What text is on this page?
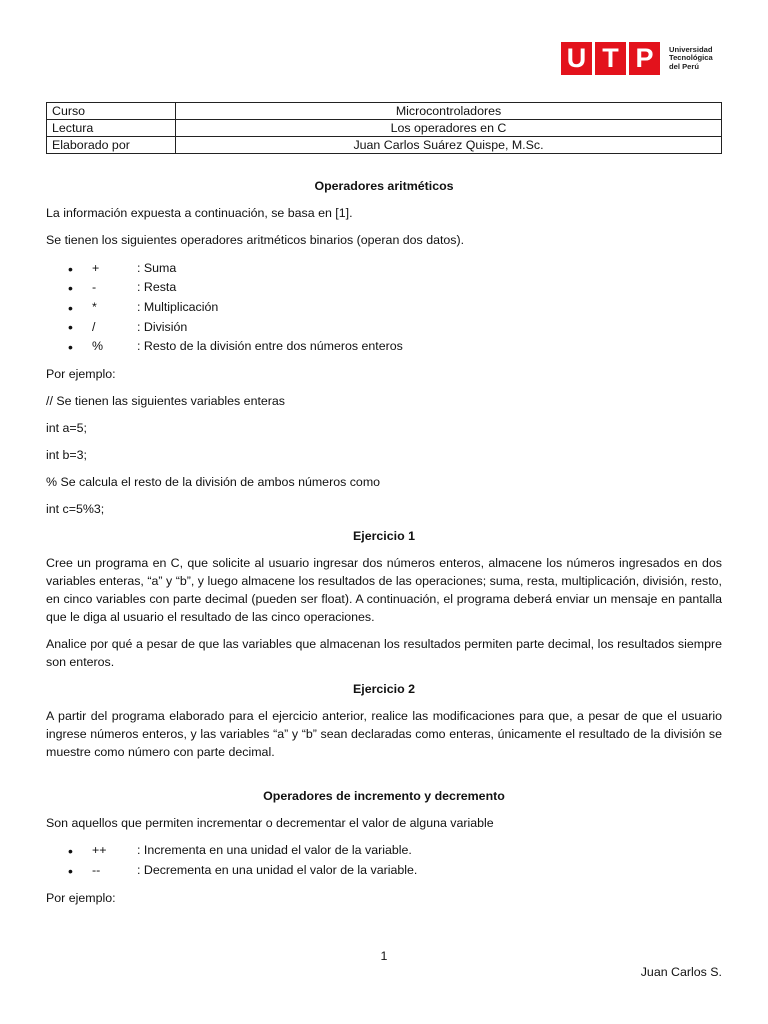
U T P	Universidad
Tecnológica
del Perú
Curso	Microcontroladores
Lectura	Los operadores en C
Elaborado por	Juan Carlos Suárez Quispe, M.Sc.
Operadores aritméticos

La información expuesta a continuación, se basa en [1].

Se tienen los siguientes operadores aritméticos binarios (operan dos datos).

•	+	: Suma
•	-	: Resta
•	*	: Multiplicación
•	/	: División
•	%	: Resto de la división entre dos números enteros

Por ejemplo:

// Se tienen las siguientes variables enteras

int a=5;

int b=3;

% Se calcula el resto de la división de ambos números como

int c=5%3;

Ejercicio 1

Cree un programa en C, que solicite al usuario ingresar dos números enteros, almacene los números ingresados en dos variables enteras, “a” y “b”, y luego almacene los resultados de las operaciones; suma, resta, multiplicación, división, resto, en cinco variables con parte decimal (pueden ser float). A continuación, el programa deberá enviar un mensaje en pantalla que le diga al usuario el resultado de las cinco operaciones.

Analice por qué a pesar de que las variables que almacenan los resultados permiten parte decimal, los resultados siempre son enteros.

Ejercicio 2

A partir del programa elaborado para el ejercicio anterior, realice las modificaciones para que, a pesar de que el usuario ingrese números enteros, y las variables “a” y “b” sean declaradas como enteras, únicamente el resultado de la división se muestre como número con parte decimal.

Operadores de incremento y decremento

Son aquellos que permiten incrementar o decrementar el valor de alguna variable

•	++	: Incrementa en una unidad el valor de la variable.
•	--	: Decrementa en una unidad el valor de la variable.

Por ejemplo:

1
Juan Carlos S.
